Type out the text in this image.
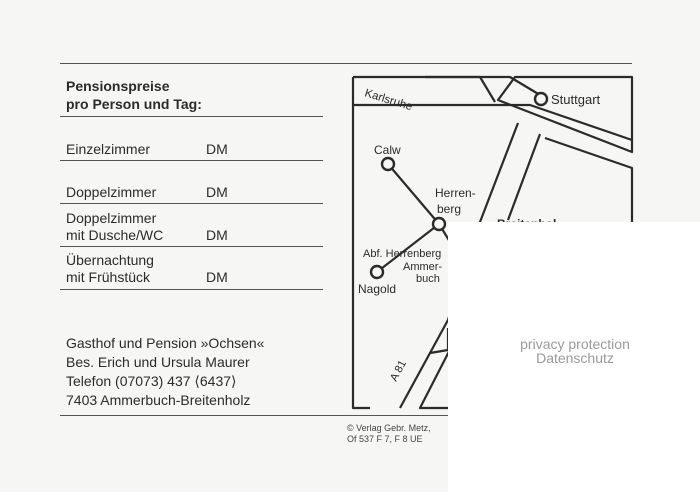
Pensionspreise
pro Person und Tag:
Einzelzimmer	DM
Doppelzimmer	DM
Doppelzimmer
mit Dusche/WC	DM
Übernachtung
mit Frühstück	DM
Gasthof und Pension »Ochsen«
Bes. Erich und Ursula Maurer
Telefon (07073) 437 ⟨6437⟩
7403 Ammerbuch-Breitenholz
Karlsruhe	Stuttgart
Calw
Herren-
berg
Abf. Herrenberg
Ammer-
buch
Nagold
A 81
© Verlag Gebr. Metz,
Of 537 F 7, F 8 UE
privacy protection
Datenschutz
